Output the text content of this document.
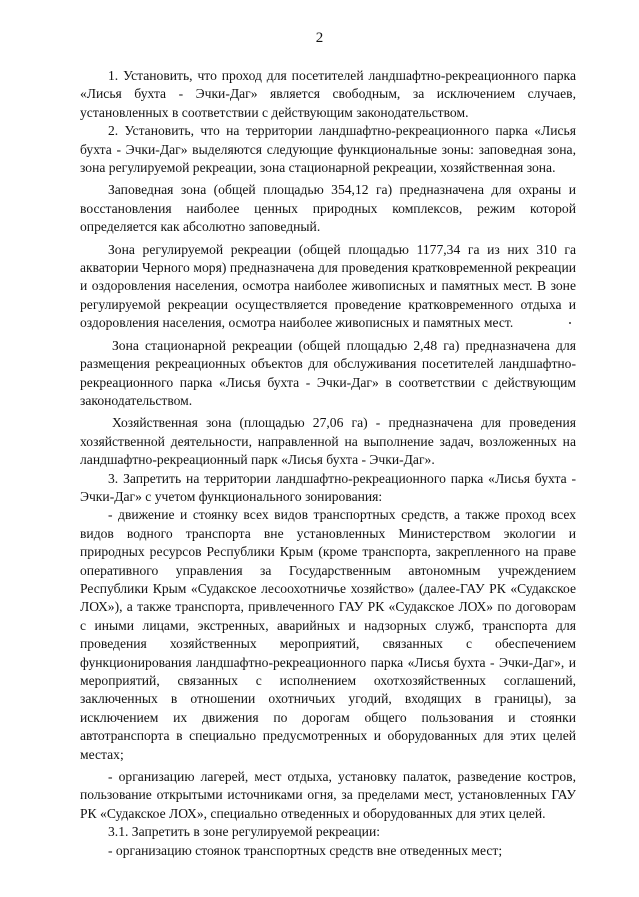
2

1. Установить, что проход для посетителей ландшафтно-рекреационного парка «Лисья бухта - Эчки-Даг» является свободным, за исключением случаев, установленных в соответствии с действующим законодательством.

2. Установить, что на территории ландшафтно-рекреационного парка «Лисья бухта - Эчки-Даг» выделяются следующие функциональные зоны: заповедная зона, зона регулируемой рекреации, зона стационарной рекреации, хозяйственная зона.

Заповедная зона (общей площадью 354,12 га) предназначена для охраны и восстановления наиболее ценных природных комплексов, режим которой определяется как абсолютно заповедный.

Зона регулируемой рекреации (общей площадью 1177,34 га из них 310 га акватории Черного моря) предназначена для проведения кратковременной рекреации и оздоровления населения, осмотра наиболее живописных и памятных мест. В зоне регулируемой рекреации осуществляется проведение кратковременного отдыха и оздоровления населения, осмотра наиболее живописных и памятных мест.

Зона стационарной рекреации (общей площадью 2,48 га) предназначена для размещения рекреационных объектов для обслуживания посетителей ландшафтно-рекреационного парка «Лисья бухта - Эчки-Даг» в соответствии с действующим законодательством.

Хозяйственная зона (площадью 27,06 га) - предназначена для проведения хозяйственной деятельности, направленной на выполнение задач, возложенных на ландшафтно-рекреационный парк «Лисья бухта - Эчки-Даг».

3. Запретить на территории ландшафтно-рекреационного парка «Лисья бухта - Эчки-Даг» с учетом функционального зонирования:

- движение и стоянку всех видов транспортных средств, а также проход всех видов водного транспорта вне установленных Министерством экологии и природных ресурсов Республики Крым (кроме транспорта, закрепленного на праве оперативного управления за Государственным автономным учреждением Республики Крым «Судакское лесоохотничье хозяйство» (далее-ГАУ РК «Судакское ЛОХ»), а также транспорта, привлеченного ГАУ РК «Судакское ЛОХ» по договорам с иными лицами, экстренных, аварийных и надзорных служб, транспорта для проведения хозяйственных мероприятий, связанных с обеспечением функционирования ландшафтно-рекреационного парка «Лисья бухта - Эчки-Даг», и мероприятий, связанных с исполнением охотхозяйственных соглашений, заключенных в отношении охотничьих угодий, входящих в границы), за исключением их движения по дорогам общего пользования и стоянки автотранспорта в специально предусмотренных и оборудованных для этих целей местах;

- организацию лагерей, мест отдыха, установку палаток, разведение костров, пользование открытыми источниками огня, за пределами мест, установленных ГАУ РК «Судакское ЛОХ», специально отведенных и оборудованных для этих целей.

3.1. Запретить в зоне регулируемой рекреации:

- организацию стоянок транспортных средств вне отведенных мест;
